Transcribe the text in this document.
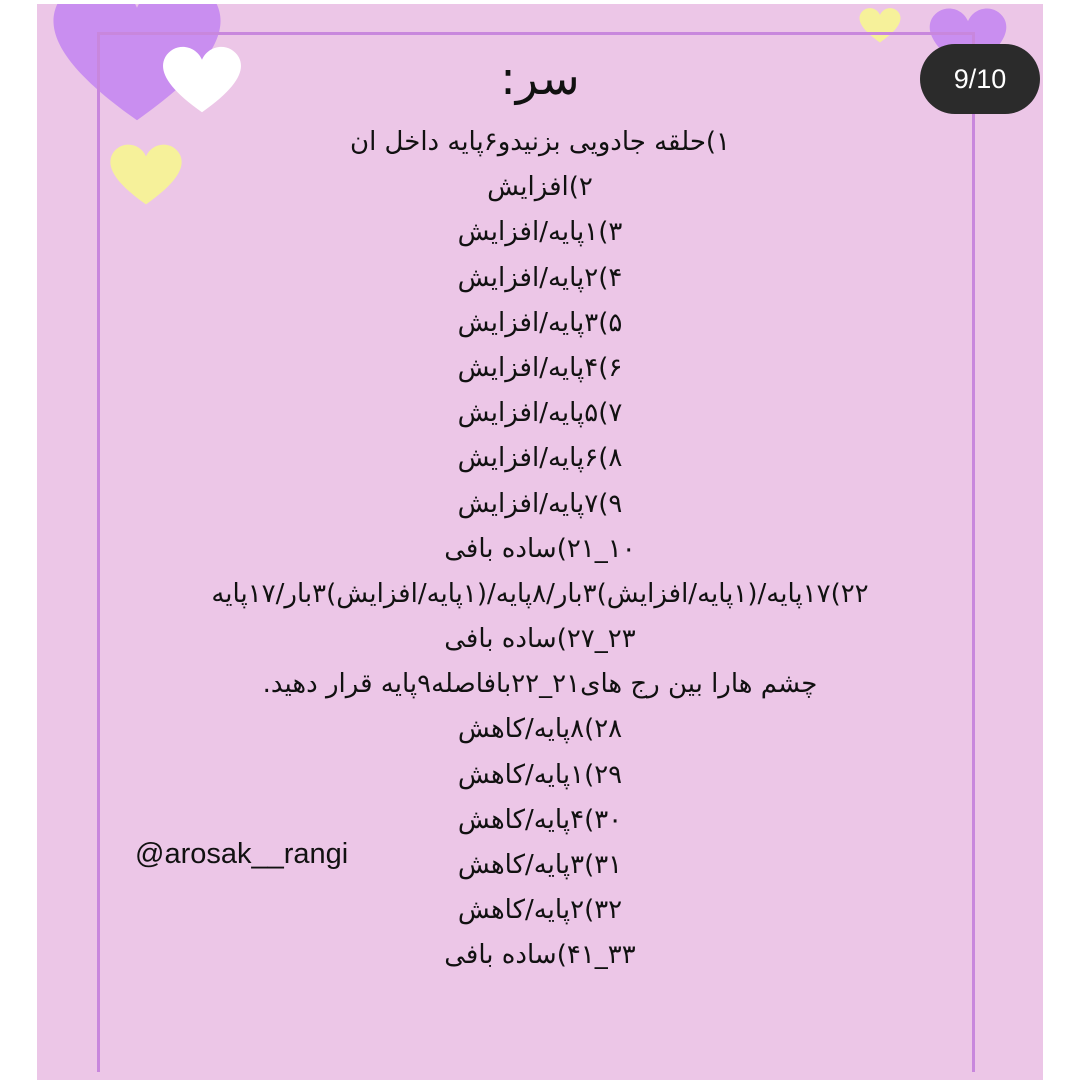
9/10
سر:
۱)حلقه جادویی بزنیدو۶پایه داخل ان
۲)افزایش
۳)۱پایه/افزایش
۴)۲پایه/افزایش
۵)۳پایه/افزایش
۶)۴پایه/افزایش
۷)۵پایه/افزایش
۸)۶پایه/افزایش
۹)۷پایه/افزایش
۱۰_۲۱)ساده بافی
۲۲)۱۷پایه/(۱پایه/افزایش)۳بار/۸پایه/(۱پایه/افزایش)۳بار/۱۷پایه
۲۳_۲۷)ساده بافی
چشم هارا بین رج های۲۱_۲۲بافاصله۹پایه قرار دهید.
۲۸)۸پایه/کاهش
۲۹)۱پایه/کاهش
۳۰)۴پایه/کاهش
۳۱)۳پایه/کاهش
۳۲)۲پایه/کاهش
۳۳_۴۱)ساده بافی
@arosak__rangi
